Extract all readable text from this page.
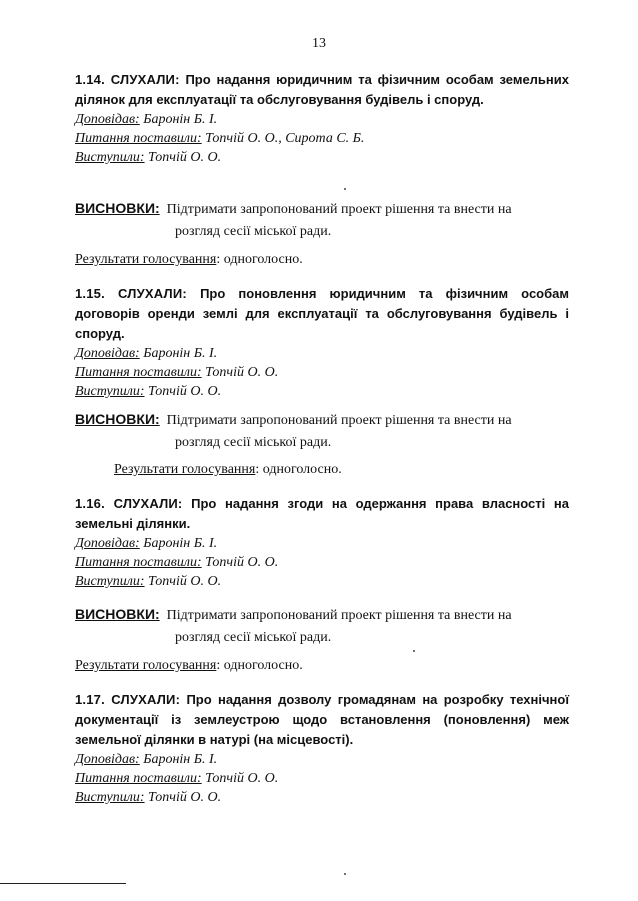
13
1.14. СЛУХАЛИ: Про надання юридичним та фізичним особам земельних ділянок для експлуатації та обслуговування будівель і споруд.
Доповідав: Баронін Б. І.
Питання поставили: Топчій О. О., Сирота С. Б.
Виступили: Топчій О. О.
ВИСНОВКИ: Підтримати запропонований проект рішення та внести на
розгляд сесії міської ради.
Результати голосування: одноголосно.
1.15. СЛУХАЛИ: Про поновлення юридичним та фізичним особам договорів оренди землі для експлуатації та обслуговування будівель і споруд.
Доповідав: Баронін Б. І.
Питання поставили: Топчій О. О.
Виступили: Топчій О. О.
ВИСНОВКИ: Підтримати запропонований проект рішення та внести на
розгляд сесії міської ради.
Результати голосування: одноголосно.
1.16. СЛУХАЛИ: Про надання згоди на одержання права власності на земельні ділянки.
Доповідав: Баронін Б. І.
Питання поставили: Топчій О. О.
Виступили: Топчій О. О.
ВИСНОВКИ: Підтримати запропонований проект рішення та внести на
розгляд сесії міської ради.
Результати голосування: одноголосно.
1.17. СЛУХАЛИ: Про надання дозволу громадянам на розробку технічної документації із землеустрою щодо встановлення (поновлення) меж земельної ділянки в натурі (на місцевості).
Доповідав: Баронін Б. І.
Питання поставили: Топчій О. О.
Виступили: Топчій О. О.
